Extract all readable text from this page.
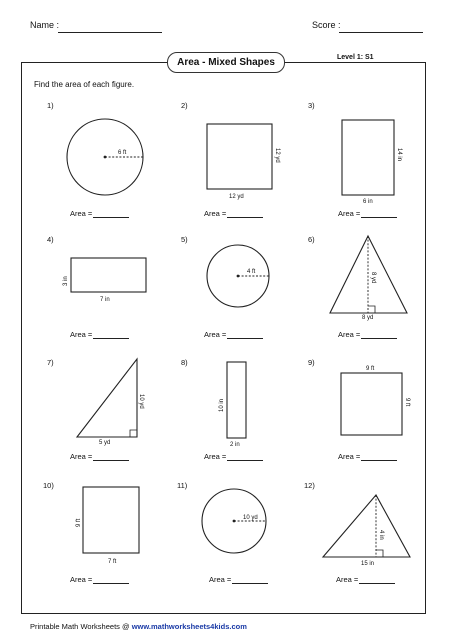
Name :	Score :
Area - Mixed Shapes	Level 1: S1
Find the area of each figure.
1)	2)	3)
4)	5)	6)
7)	8)	9)
10)	11)	12)
Area =	Area =	Area =
Area =	Area =	Area =
Area =	Area =	Area =
Area =	Area =	Area =
6 ft	12 yd
12 yd
14 in
6 in
3 in
7 in
4 ft	8 yd
8 yd
10 yd
5 yd
10 in
2 in
9 ft
9 ft
9 ft
7 ft
10 yd
4 in
15 in
Printable Math Worksheets @ www.mathworksheets4kids.com
